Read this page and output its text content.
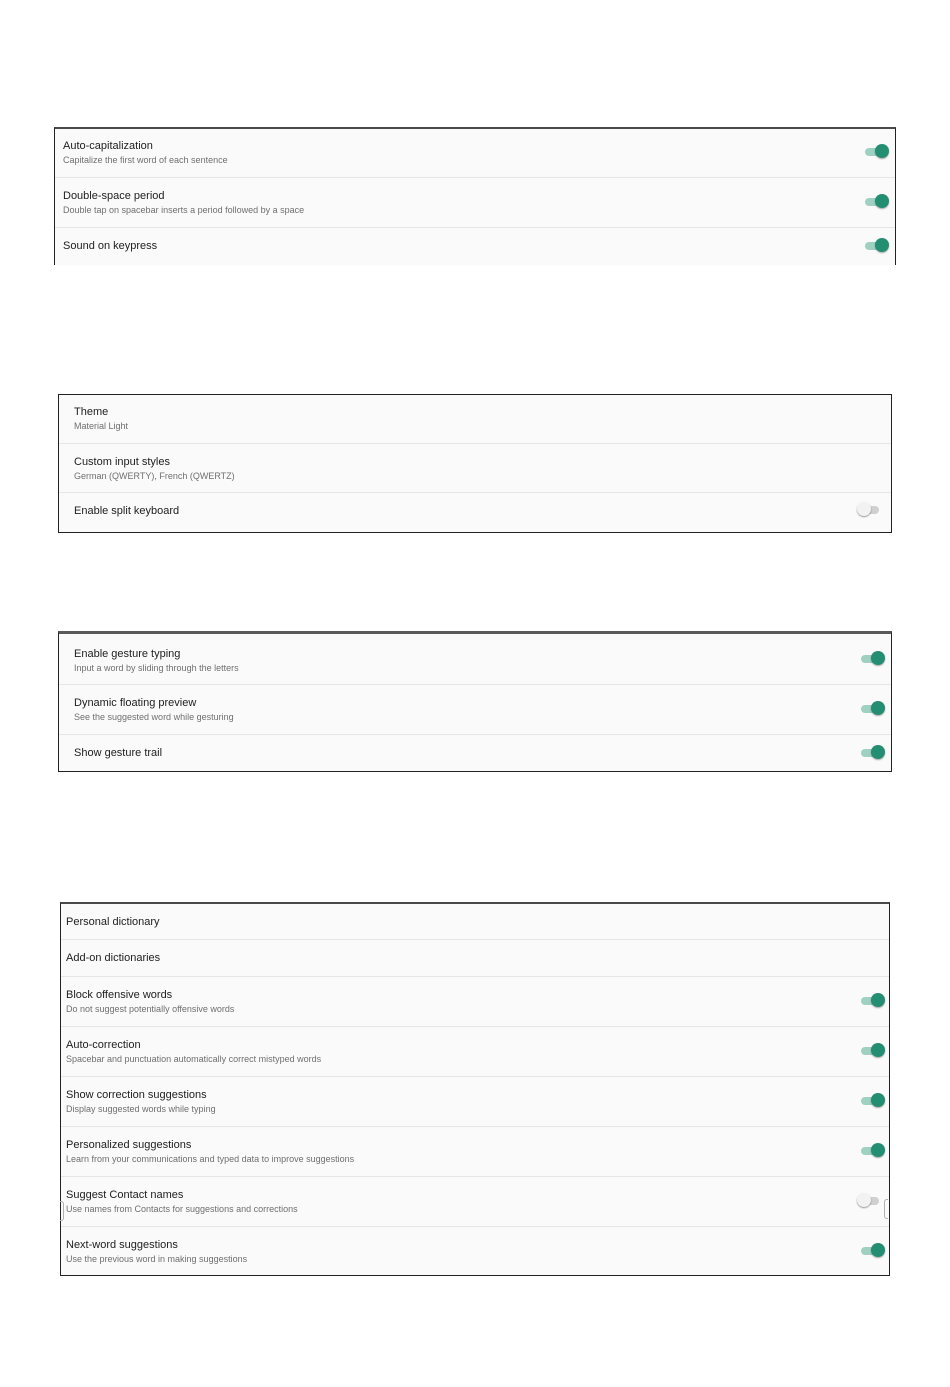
Auto-capitalization
Capitalize the first word of each sentence
Double-space period
Double tap on spacebar inserts a period followed by a space
Sound on keypress
Theme
Material Light
Custom input styles
German (QWERTY), French (QWERTZ)
Enable split keyboard
Enable gesture typing
Input a word by sliding through the letters
Dynamic floating preview
See the suggested word while gesturing
Show gesture trail
Personal dictionary
Add-on dictionaries
Block offensive words
Do not suggest potentially offensive words
Auto-correction
Spacebar and punctuation automatically correct mistyped words
Show correction suggestions
Display suggested words while typing
Personalized suggestions
Learn from your communications and typed data to improve suggestions
Suggest Contact names
Use names from Contacts for suggestions and corrections
Next-word suggestions
Use the previous word in making suggestions
